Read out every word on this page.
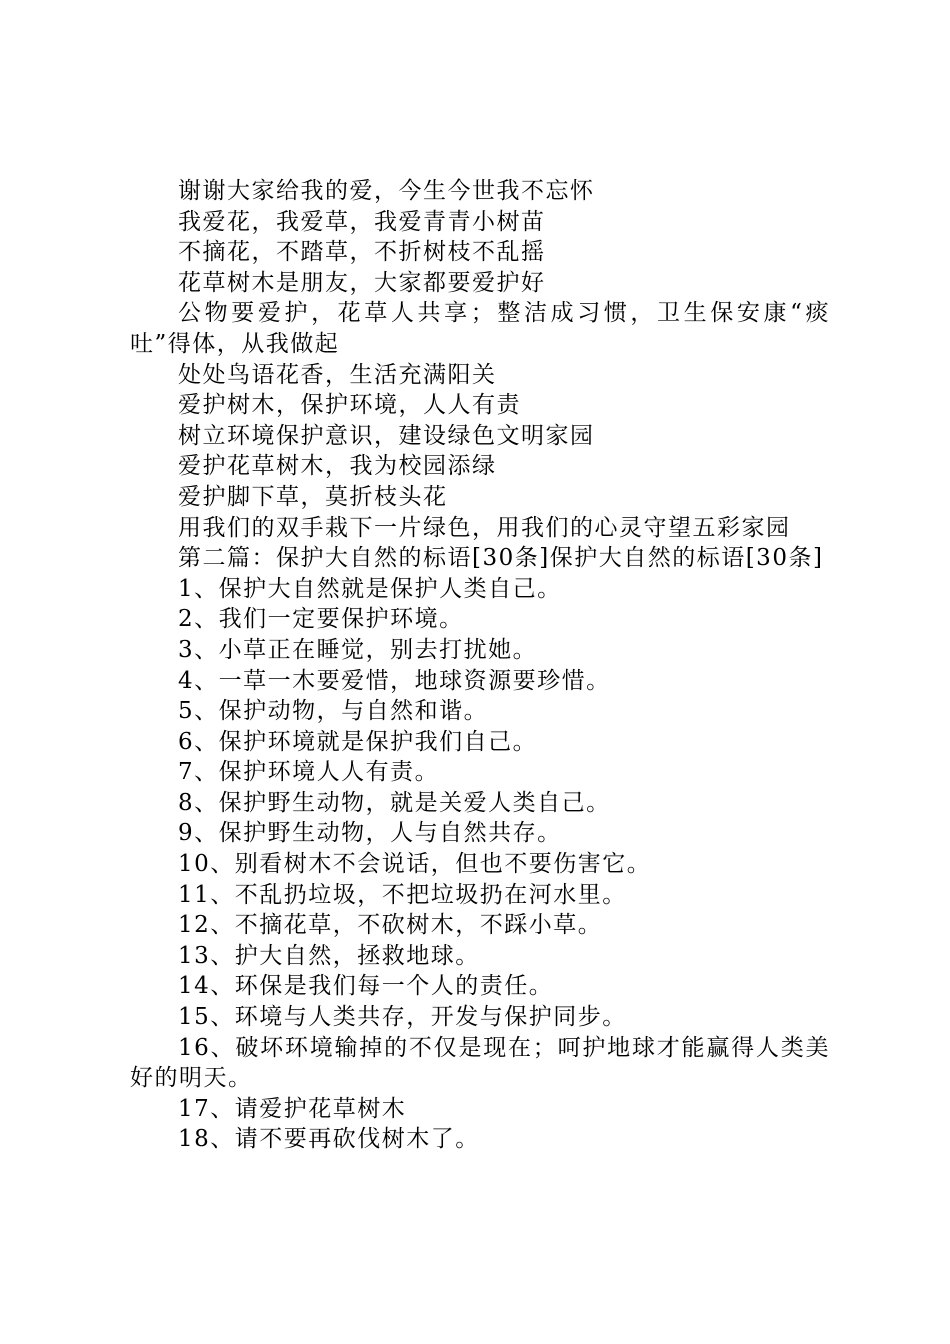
谢谢大家给我的爱，今生今世我不忘怀

我爱花，我爱草，我爱青青小树苗

不摘花，不踏草，不折树枝不乱摇

花草树木是朋友，大家都要爱护好

公物要爱护，花草人共享；整洁成习惯，卫生保安康“痰吐”得体，从我做起

处处鸟语花香，生活充满阳关

爱护树木，保护环境，人人有责

树立环境保护意识，建设绿色文明家园

爱护花草树木，我为校园添绿

爱护脚下草，莫折枝头花

用我们的双手栽下一片绿色，用我们的心灵守望五彩家园

第二篇：保护大自然的标语[30条]保护大自然的标语[30条]

1、保护大自然就是保护人类自己。

2、我们一定要保护环境。

3、小草正在睡觉，别去打扰她。

4、一草一木要爱惜，地球资源要珍惜。

5、保护动物，与自然和谐。

6、保护环境就是保护我们自己。

7、保护环境人人有责。

8、保护野生动物，就是关爱人类自己。

9、保护野生动物，人与自然共存。

10、别看树木不会说话，但也不要伤害它。

11、不乱扔垃圾，不把垃圾扔在河水里。

12、不摘花草，不砍树木，不踩小草。

13、护大自然，拯救地球。

14、环保是我们每一个人的责任。

15、环境与人类共存，开发与保护同步。

16、破坏环境输掉的不仅是现在；呵护地球才能赢得人类美好的明天。

17、请爱护花草树木

18、请不要再砍伐树木了。
